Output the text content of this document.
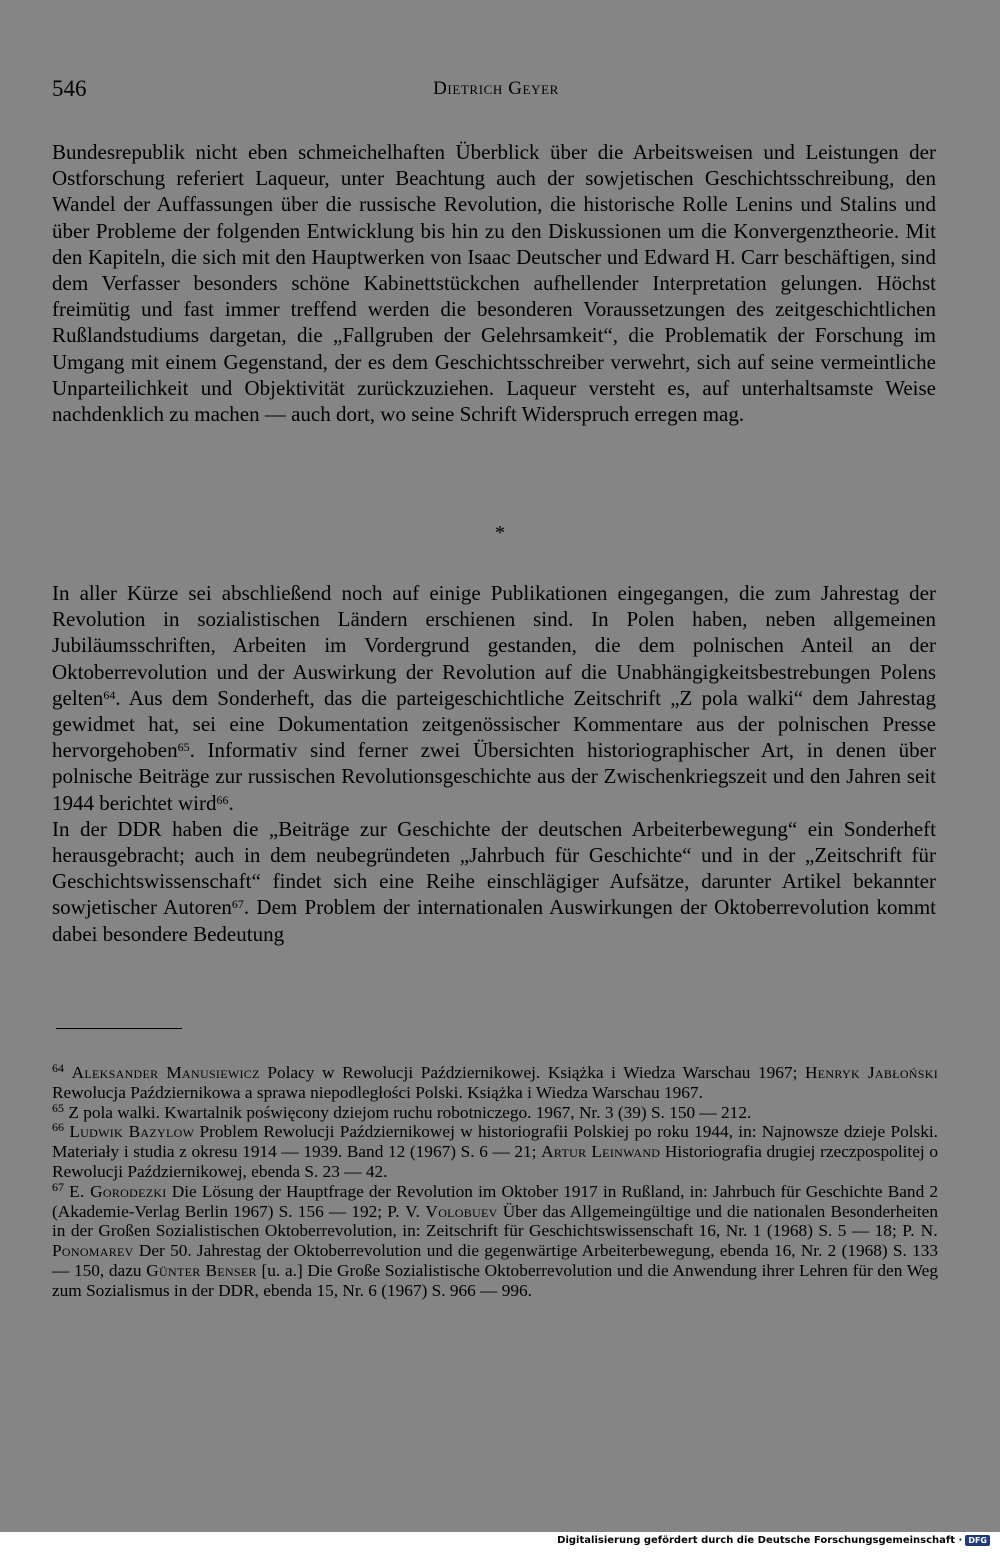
546	Dietrich Geyer

Bundesrepublik nicht eben schmeichelhaften Überblick über die Arbeitsweisen und Leistungen der Ostforschung referiert Laqueur, unter Beachtung auch der sowjetischen Geschichtsschreibung, den Wandel der Auffassungen über die russische Revolution, die historische Rolle Lenins und Stalins und über Probleme der folgenden Entwicklung bis hin zu den Diskussionen um die Konvergenztheorie. Mit den Kapiteln, die sich mit den Hauptwerken von Isaac Deutscher und Edward H. Carr beschäftigen, sind dem Verfasser besonders schöne Kabinettstückchen aufhellender Interpretation gelungen. Höchst freimütig und fast immer treffend werden die besonderen Voraussetzungen des zeitgeschichtlichen Rußlandstudiums dargetan, die „Fallgruben der Gelehrsamkeit“, die Problematik der Forschung im Umgang mit einem Gegenstand, der es dem Geschichtsschreiber verwehrt, sich auf seine vermeintliche Unparteilichkeit und Objektivität zurückzuziehen. Laqueur versteht es, auf unterhaltsamste Weise nachdenklich zu machen — auch dort, wo seine Schrift Widerspruch erregen mag.

*

In aller Kürze sei abschließend noch auf einige Publikationen eingegangen, die zum Jahrestag der Revolution in sozialistischen Ländern erschienen sind. In Polen haben, neben allgemeinen Jubiläumsschriften, Arbeiten im Vordergrund gestanden, die dem polnischen Anteil an der Oktoberrevolution und der Auswirkung der Revolution auf die Unabhängigkeitsbestrebungen Polens gelten$^{64}$. Aus dem Sonderheft, das die parteigeschichtliche Zeitschrift „Z pola walki“ dem Jahrestag gewidmet hat, sei eine Dokumentation zeitgenössischer Kommentare aus der polnischen Presse hervorgehoben$^{65}$. Informativ sind ferner zwei Übersichten historiographischer Art, in denen über polnische Beiträge zur russischen Revolutionsgeschichte aus der Zwischenkriegszeit und den Jahren seit 1944 berichtet wird$^{66}$.

In der DDR haben die „Beiträge zur Geschichte der deutschen Arbeiterbewegung“ ein Sonderheft herausgebracht; auch in dem neubegründeten „Jahrbuch für Geschichte“ und in der „Zeitschrift für Geschichtswissenschaft“ findet sich eine Reihe einschlägiger Aufsätze, darunter Artikel bekannter sowjetischer Autoren$^{67}$. Dem Problem der internationalen Auswirkungen der Oktoberrevolution kommt dabei besondere Bedeutung

$^{64}$ Aleksander Manusiewicz Polacy w Rewolucji Październikowej. Książka i Wiedza Warschau 1967; Henryk Jabłoński Rewolucja Październikowa a sprawa niepodległości Polski. Książka i Wiedza Warschau 1967.

$^{65}$ Z pola walki. Kwartalnik poświęcony dziejom ruchu robotniczego. 1967, Nr. 3 (39) S. 150 — 212.

$^{66}$ Ludwik Bazylow Problem Rewolucji Październikowej w historiografii Polskiej po roku 1944, in: Najnowsze dzieje Polski. Materiały i studia z okresu 1914 — 1939. Band 12 (1967) S. 6 — 21; Artur Leinwand Historiografia drugiej rzeczpospolitej o Rewolucji Październikowej, ebenda S. 23 — 42.

$^{67}$ E. Gorodezki Die Lösung der Hauptfrage der Revolution im Oktober 1917 in Rußland, in: Jahrbuch für Geschichte Band 2 (Akademie-Verlag Berlin 1967) S. 156 — 192; P. V. Volobuev Über das Allgemeingültige und die nationalen Besonderheiten in der Großen Sozialistischen Oktoberrevolution, in: Zeitschrift für Geschichtswissenschaft 16, Nr. 1 (1968) S. 5 — 18; P. N. Ponomarev Der 50. Jahrestag der Oktoberrevolution und die gegenwärtige Arbeiterbewegung, ebenda 16, Nr. 2 (1968) S. 133 — 150, dazu Günter Benser [u. a.] Die Große Sozialistische Oktoberrevolution und die Anwendung ihrer Lehren für den Weg zum Sozialismus in der DDR, ebenda 15, Nr. 6 (1967) S. 966 — 996.

Digitalisierung gefördert durch die Deutsche Forschungsgemeinschaft · DFG
